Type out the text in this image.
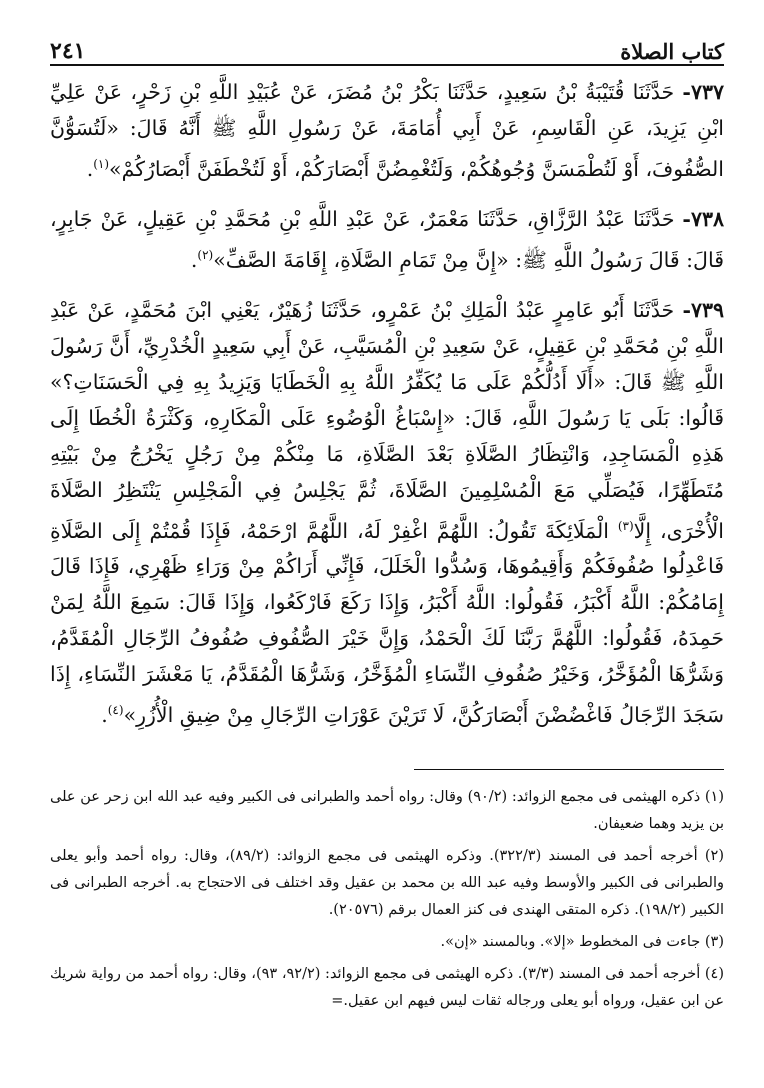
كتاب الصلاة
٢٤١

٧٣٧- حَدَّثَنَا قُتَيْبَةُ بْنُ سَعِيدٍ، حَدَّثَنَا بَكْرُ بْنُ مُضَرَ، عَنْ عُبَيْدِ اللَّهِ بْنِ زَحْرٍ، عَنْ عَلِيِّ ابْنِ يَزِيدَ، عَنِ الْقَاسِمِ، عَنْ أَبِي أُمَامَةَ، عَنْ رَسُولِ اللَّهِ ﷺ أَنَّهُ قَالَ: «لَتُسَوُّنَّ الصُّفُوفَ، أَوْ لَتُطْمَسَنَّ وُجُوهُكُمْ، وَلَتُغْمِضُنَّ أَبْصَارَكُمْ، أَوْ لَتُخْطَفَنَّ أَبْصَارُكُمْ»$^{(١)}$.

٧٣٨- حَدَّثَنَا عَبْدُ الرَّزَّاقِ، حَدَّثَنَا مَعْمَرٌ، عَنْ عَبْدِ اللَّهِ بْنِ مُحَمَّدِ بْنِ عَقِيلٍ، عَنْ جَابِرٍ، قَالَ: قَالَ رَسُولُ اللَّهِ ﷺ: «إِنَّ مِنْ تَمَامِ الصَّلَاةِ، إِقَامَةَ الصَّفِّ»$^{(٢)}$.

٧٣٩- حَدَّثَنَا أَبُو عَامِرٍ عَبْدُ الْمَلِكِ بْنُ عَمْرٍو، حَدَّثَنَا زُهَيْرٌ، يَعْنِي ابْنَ مُحَمَّدٍ، عَنْ عَبْدِ اللَّهِ بْنِ مُحَمَّدِ بْنِ عَقِيلٍ، عَنْ سَعِيدِ بْنِ الْمُسَيَّبِ، عَنْ أَبِي سَعِيدٍ الْخُدْرِيِّ، أَنَّ رَسُولَ اللَّهِ ﷺ قَالَ: «أَلَا أَدُلُّكُمْ عَلَى مَا يُكَفِّرُ اللَّهُ بِهِ الْخَطَايَا وَيَزِيدُ بِهِ فِي الْحَسَنَاتِ؟» قَالُوا: بَلَى يَا رَسُولَ اللَّهِ، قَالَ: «إِسْبَاغُ الْوُضُوءِ عَلَى الْمَكَارِهِ، وَكَثْرَةُ الْخُطَا إِلَى هَذِهِ الْمَسَاجِدِ، وَانْتِظَارُ الصَّلَاةِ بَعْدَ الصَّلَاةِ، مَا مِنْكُمْ مِنْ رَجُلٍ يَخْرُجُ مِنْ بَيْتِهِ مُتَطَهِّرًا، فَيُصَلِّي مَعَ الْمُسْلِمِينَ الصَّلَاةَ، ثُمَّ يَجْلِسُ فِي الْمَجْلِسِ يَنْتَظِرُ الصَّلَاةَ الْأُخْرَى، إِلَّا$^{(٣)}$ الْمَلَائِكَةَ تَقُولُ: اللَّهُمَّ اغْفِرْ لَهُ، اللَّهُمَّ ارْحَمْهُ، فَإِذَا قُمْتُمْ إِلَى الصَّلَاةِ فَاعْدِلُوا صُفُوفَكُمْ وَأَقِيمُوهَا، وَسُدُّوا الْخَلَلَ، فَإِنِّي أَرَاكُمْ مِنْ وَرَاءِ ظَهْرِي، فَإِذَا قَالَ إِمَامُكُمْ: اللَّهُ أَكْبَرُ، فَقُولُوا: اللَّهُ أَكْبَرُ، وَإِذَا رَكَعَ فَارْكَعُوا، وَإِذَا قَالَ: سَمِعَ اللَّهُ لِمَنْ حَمِدَهُ، فَقُولُوا: اللَّهُمَّ رَبَّنَا لَكَ الْحَمْدُ، وَإِنَّ خَيْرَ الصُّفُوفِ صُفُوفُ الرِّجَالِ الْمُقَدَّمُ، وَشَرُّهَا الْمُؤَخَّرُ، وَخَيْرُ صُفُوفِ النِّسَاءِ الْمُؤَخَّرُ، وَشَرُّهَا الْمُقَدَّمُ، يَا مَعْشَرَ النِّسَاءِ، إِذَا سَجَدَ الرِّجَالُ فَاغْضُضْنَ أَبْصَارَكُنَّ، لَا تَرَيْنَ عَوْرَاتِ الرِّجَالِ مِنْ ضِيقِ الْأُزُرِ»$^{(٤)}$.

(١) ذكره الهيثمى فى مجمع الزوائد: (٩٠/٢) وقال: رواه أحمد والطبرانى فى الكبير وفيه عبد الله ابن زحر عن على بن يزيد وهما ضعيفان.

(٢) أخرجه أحمد فى المسند (٣٢٢/٣). وذكره الهيثمى فى مجمع الزوائد: (٨٩/٢)، وقال: رواه أحمد وأبو يعلى والطبرانى فى الكبير والأوسط وفيه عبد الله بن محمد بن عقيل وقد اختلف فى الاحتجاج به. أخرجه الطبرانى فى الكبير (١٩٨/٢). ذكره المتقى الهندى فى كنز العمال برقم (٢٠٥٧٦).

(٣) جاءت فى المخطوط «إلا». وبالمسند «إن».

(٤) أخرجه أحمد فى المسند (٣/٣). ذكره الهيثمى فى مجمع الزوائد: (٩٢/٢، ٩٣)، وقال: رواه أحمد من رواية شريك عن ابن عقيل، ورواه أبو يعلى ورجاله ثقات ليس فيهم ابن عقيل.=
